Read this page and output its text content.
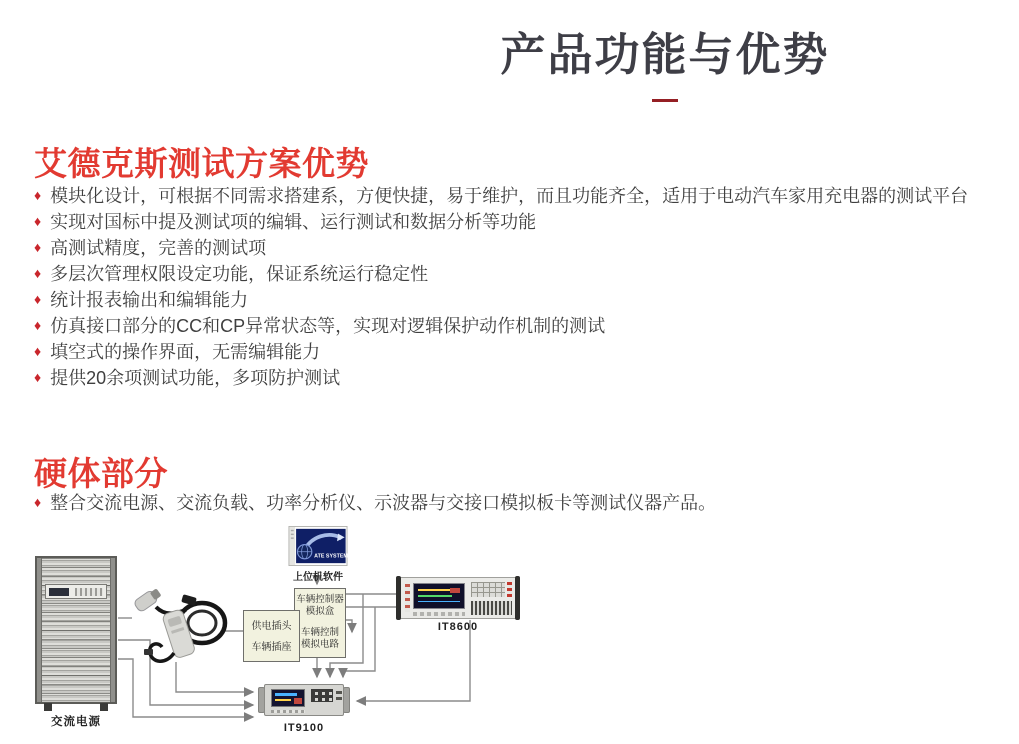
产品功能与优势
艾德克斯测试方案优势
♦ 模块化设计，可根据不同需求搭建系，方便快捷，易于维护，而且功能齐全，适用于电动汽车家用充电器的测试平台
♦ 实现对国标中提及测试项的编辑、运行测试和数据分析等功能
♦ 高测试精度，完善的测试项
♦ 多层次管理权限设定功能，保证系统运行稳定性
♦ 统计报表输出和编辑能力
♦ 仿真接口部分的CC和CP异常状态等，实现对逻辑保护动作机制的测试
♦ 填空式的操作界面，无需编辑能力
♦ 提供20余项测试功能，多项防护测试
硬体部分
♦ 整合交流电源、交流负载、功率分析仪、示波器与交接口模拟板卡等测试仪器产品。
交流电源
ATE SYSTEM
上位机软件
供电插头
车辆插座
车辆控制器
模拟盒
车辆控制
模拟电路
IT8600
IT9100
